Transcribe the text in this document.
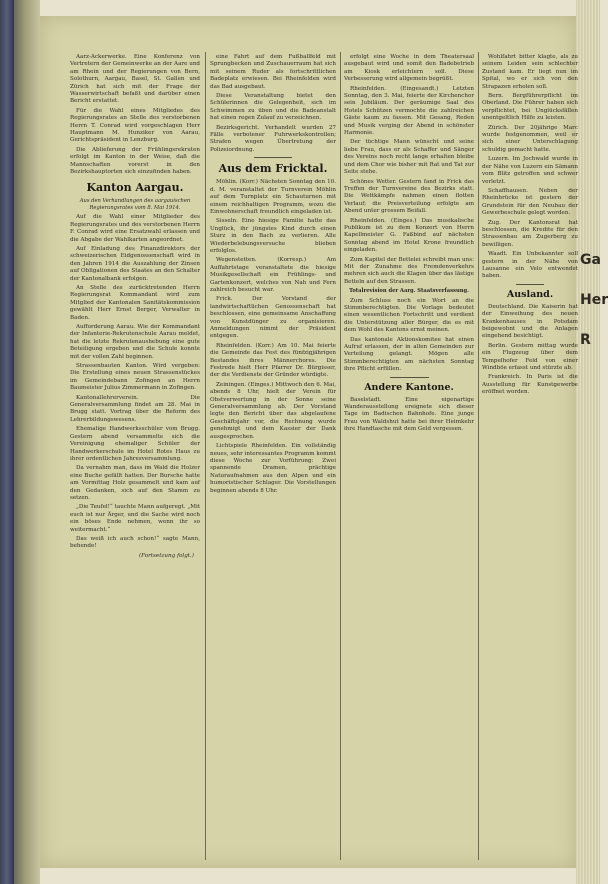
Aarz-Ackerwerke. Eine Konferenz von Vertretern der Gemeinwerke an der Aare und am Rhein und der Regierungen von Bern, Solothurn, Aargau, Basel, St. Gallen und Zürich hat sich mit der Frage der Wasserwirtschaft befaßt und darüber einen Bericht erstattet.

Für die Wahl eines Mitgliedes des Regierungsrates an Stelle des verstorbenen Herrn T. Conrad wird vorgeschlagen Herr Hauptmann M. Hunziker von Aarau, Gerichtspräsident in Lenzburg.

Die Ablieferung der Frühlingsrekruten erfolgt im Kanton in der Weise, daß die Mannschaften vorerst in den Bezirkshauptorten sich einzufinden haben.

Kanton Aargau.
Aus den Verhandlungen des aargauischen Regierungsrates vom 8. Mai 1914.

Auf die Wahl einer Mitglieder des Regierungsrates und des verstorbenen Herrn F. Conrad wird eine Ersatzwahl erlassen und die Abgabe der Wahlkarten angeordnet.

Auf Einladung des Finanzdirektors der schweizerischen Eidgenossenschaft wird in den Jahren 1914 die Auszahlung der Zinsen auf Obligationen des Staates an den Schalter der Kantonalbank erfolgen.

An Stelle des zurücktretenden Herrn Regierungsrat Kommandant wird zum Mitglied der Kantonalen Sanitätskommission gewählt Herr Ernst Berger, Verwalter in Baden.

Aufforderung Aarau. Wie der Kommandant der Infanterie-Rekrutenschule Aarau meldet, hat die letzte Rekrutenaushebung eine gute Beteiligung ergeben und die Schule konnte mit der vollen Zahl beginnen.

Strassenbauten Kanton. Wird vergeben: Die Erstellung eines neuen Strassenstückes im Gemeindebann Zofingen an Herrn Baumeister Julius Zimmermann in Zofingen.

Kantonallehrerverein. Die Generalversammlung findet am 28. Mai in Brugg statt. Vortrag über die Reform des Lehrerbildungswesens.

Ehemalige Handwerksschüler vom Brugg. Gestern abend versammelte sich die Vereinigung ehemaliger Schüler der Handwerkerschule im Hotel Rotes Haus zu ihrer ordentlichen Jahresversammlung.

Da vernahm man, dass im Wald die Holzer eine Buche gefällt hatten. Der Bursche hatte am Vormittag Holz gesammelt und kam auf den Gedanken, sich auf den Stamm zu setzen.

„Die Teufel!“ tauchte Mann aufgeregt. „Mit euch ist nur Ärger, und die Sache wird noch ein böses Ende nehmen, wenn ihr so weitermacht.“

Das weiß ich auch schon!“ sagte Mann, behende!

(Fortsetzung folgt.)

eine Fahrt auf dem Fußballfeld mit Sprungbecken und Zuschauerraum hat sich mit seinem Ruder als fortschrittlichen Badeplatz erwiesen. Bei Rheinfelden wird das Bad ausgebaut.

Diese Veranstaltung bietet den Schülerinnen die Gelegenheit, sich im Schwimmen zu üben und die Badeanstalt hat einen regen Zulauf zu verzeichnen.

Bezirksgericht. Verhandelt wurden 27 Fälle verbotener Fuhrwerkskontrollen; Strafen wegen Übertretung der Polizeiordnung.

Aus dem Fricktal.

Möhlin. (Korr.) Nächsten Sonntag den 10. d. M. veranstaltet der Turnverein Möhlin auf dem Turnplatz ein Schauturnen mit einem reichhaltigen Programm, wozu die Einwohnerschaft freundlich eingeladen ist.

Sisseln. Eine hiesige Familie hatte das Unglück, ihr jüngstes Kind durch einen Sturz in den Bach zu verlieren. Alle Wiederbelebungsversuche blieben erfolglos.

Wegenstetten. (Korresp.) Am Auffahrtstage veranstaltete die hiesige Musikgesellschaft ein Frühlings- und Gartenkonzert, welches von Nah und Fern zahlreich besucht war.

Frick. Der Vorstand der landwirtschaftlichen Genossenschaft hat beschlossen, eine gemeinsame Anschaffung von Kunstdünger zu organisieren. Anmeldungen nimmt der Präsident entgegen.

Rheinfelden. (Korr.) Am 10. Mai feierte die Gemeinde das Fest des fünfzigjährigen Bestandes ihres Männerchores. Die Festrede hielt Herr Pfarrer Dr. Bürgisser, der die Verdienste der Gründer würdigte.

Zeiningen. (Einges.) Mittwoch den 6. Mai, abends 8 Uhr, hielt der Verein für Obstverwertung in der Sonne seine Generalversammlung ab. Der Vorstand legte den Bericht über das abgelaufene Geschäftsjahr vor, die Rechnung wurde genehmigt und dem Kassier der Dank ausgesprochen.

Lichtspiele Rheinfelden. Ein vollständig neues, sehr interessantes Programm kommt diese Woche zur Vorführung: Zwei spannende Dramen, prächtige Naturaufnahmen aus den Alpen und ein humoristischer Schlager. Die Vorstellungen beginnen abends 8 Uhr.

erfolgt eine Woche in dem Theatersaal ausgebaut wird und somit den Badebetrieb am Kiosk erleichtern soll. Diese Verbesserung wird allgemein begrüßt.

Rheinfelden. (Eingesandt.) Letzten Sonntag, den 3. Mai, feierte der Kirchenchor sein Jubiläum. Der geräumige Saal des Hotels Schützen vermochte die zahlreichen Gäste kaum zu fassen. Mit Gesang, Reden und Musik verging der Abend in schönster Harmonie.

Der tüchtige Mann wünscht und seine liebe Frau, dass er als Schaffer und Sänger des Vereins noch recht lange erhalten bleibe und dem Chor wie bisher mit Rat und Tat zur Seite stehe.

Schönes Wetter. Gestern fand in Frick das Treffen der Turnvereine des Bezirks statt. Die Wettkämpfe nahmen einen flotten Verlauf; die Preisverteilung erfolgte am Abend unter grossem Beifall.

Rheinfelden. (Einges.) Das musikalische Publikum ist zu dem Konzert von Herrn Kapellmeister G. Faßbind auf nächsten Sonntag abend im Hotel Krone freundlich eingeladen.

Zum Kapitel der Bettelei schreibt man uns: Mit der Zunahme des Fremdenverkehrs mehren sich auch die Klagen über das lästige Betteln auf den Strassen.

Totalrevision der Aarg. Staatsverfassung.

Zum Schluss noch ein Wort an die Stimmberechtigten. Die Vorlage bedeutet einen wesentlichen Fortschritt und verdient die Unterstützung aller Bürger, die es mit dem Wohl des Kantons ernst meinen.

Das kantonale Aktionskomitee hat einen Aufruf erlassen, der in allen Gemeinden zur Verteilung gelangt. Mögen alle Stimmberechtigten am nächsten Sonntag ihre Pflicht erfüllen.

Andere Kantone.

Baselstadt. Eine eigenartige Wanderausstellung ereignete sich dieser Tage im Badischen Bahnhofe. Eine junge Frau von Waldshut hatte bei ihrer Heimkehr ihre Handtasche mit dem Geld vergessen.

Wohlfahrt bitter klagte, als zu seinem Leiden sein schlechter Zustand kam. Er liegt nun im Spital, wo er sich von den Strapazen erholen soll.

Bern. Bergführerpflicht im Oberland. Die Führer haben sich verpflichtet, bei Unglücksfällen unentgeltlich Hilfe zu leisten.

Zürich. Der 20jährige Marc wurde festgenommen, weil er sich einer Unterschlagung schuldig gemacht hatte.

Luzern. Im Jochwald wurde in der Nähe von Luzern ein Sämann vom Blitz getroffen und schwer verletzt.

Schaffhausen. Neben der Rheinbrücke ist gestern der Grundstein für den Neubau der Gewerbeschule gelegt worden.

Zug. Der Kantonsrat hat beschlossen, die Kredite für den Strassenbau am Zugerberg zu bewilligen.

Waadt. Ein Unbekannter soll gestern in der Nähe von Lausanne ein Velo entwendet haben.

Ausland.

Deutschland. Die Kaiserin hat der Einweihung des neuen Krankenhauses in Potsdam beigewohnt und die Anlagen eingehend besichtigt.

Berlin. Gestern mittag wurde ein Flugzeug über dem Tempelhofer Feld von einer Windböe erfasst und stürzte ab.

Frankreich. In Paris ist die Ausstellung für Kunstgewerbe eröffnet worden.

Ga
Her
R
